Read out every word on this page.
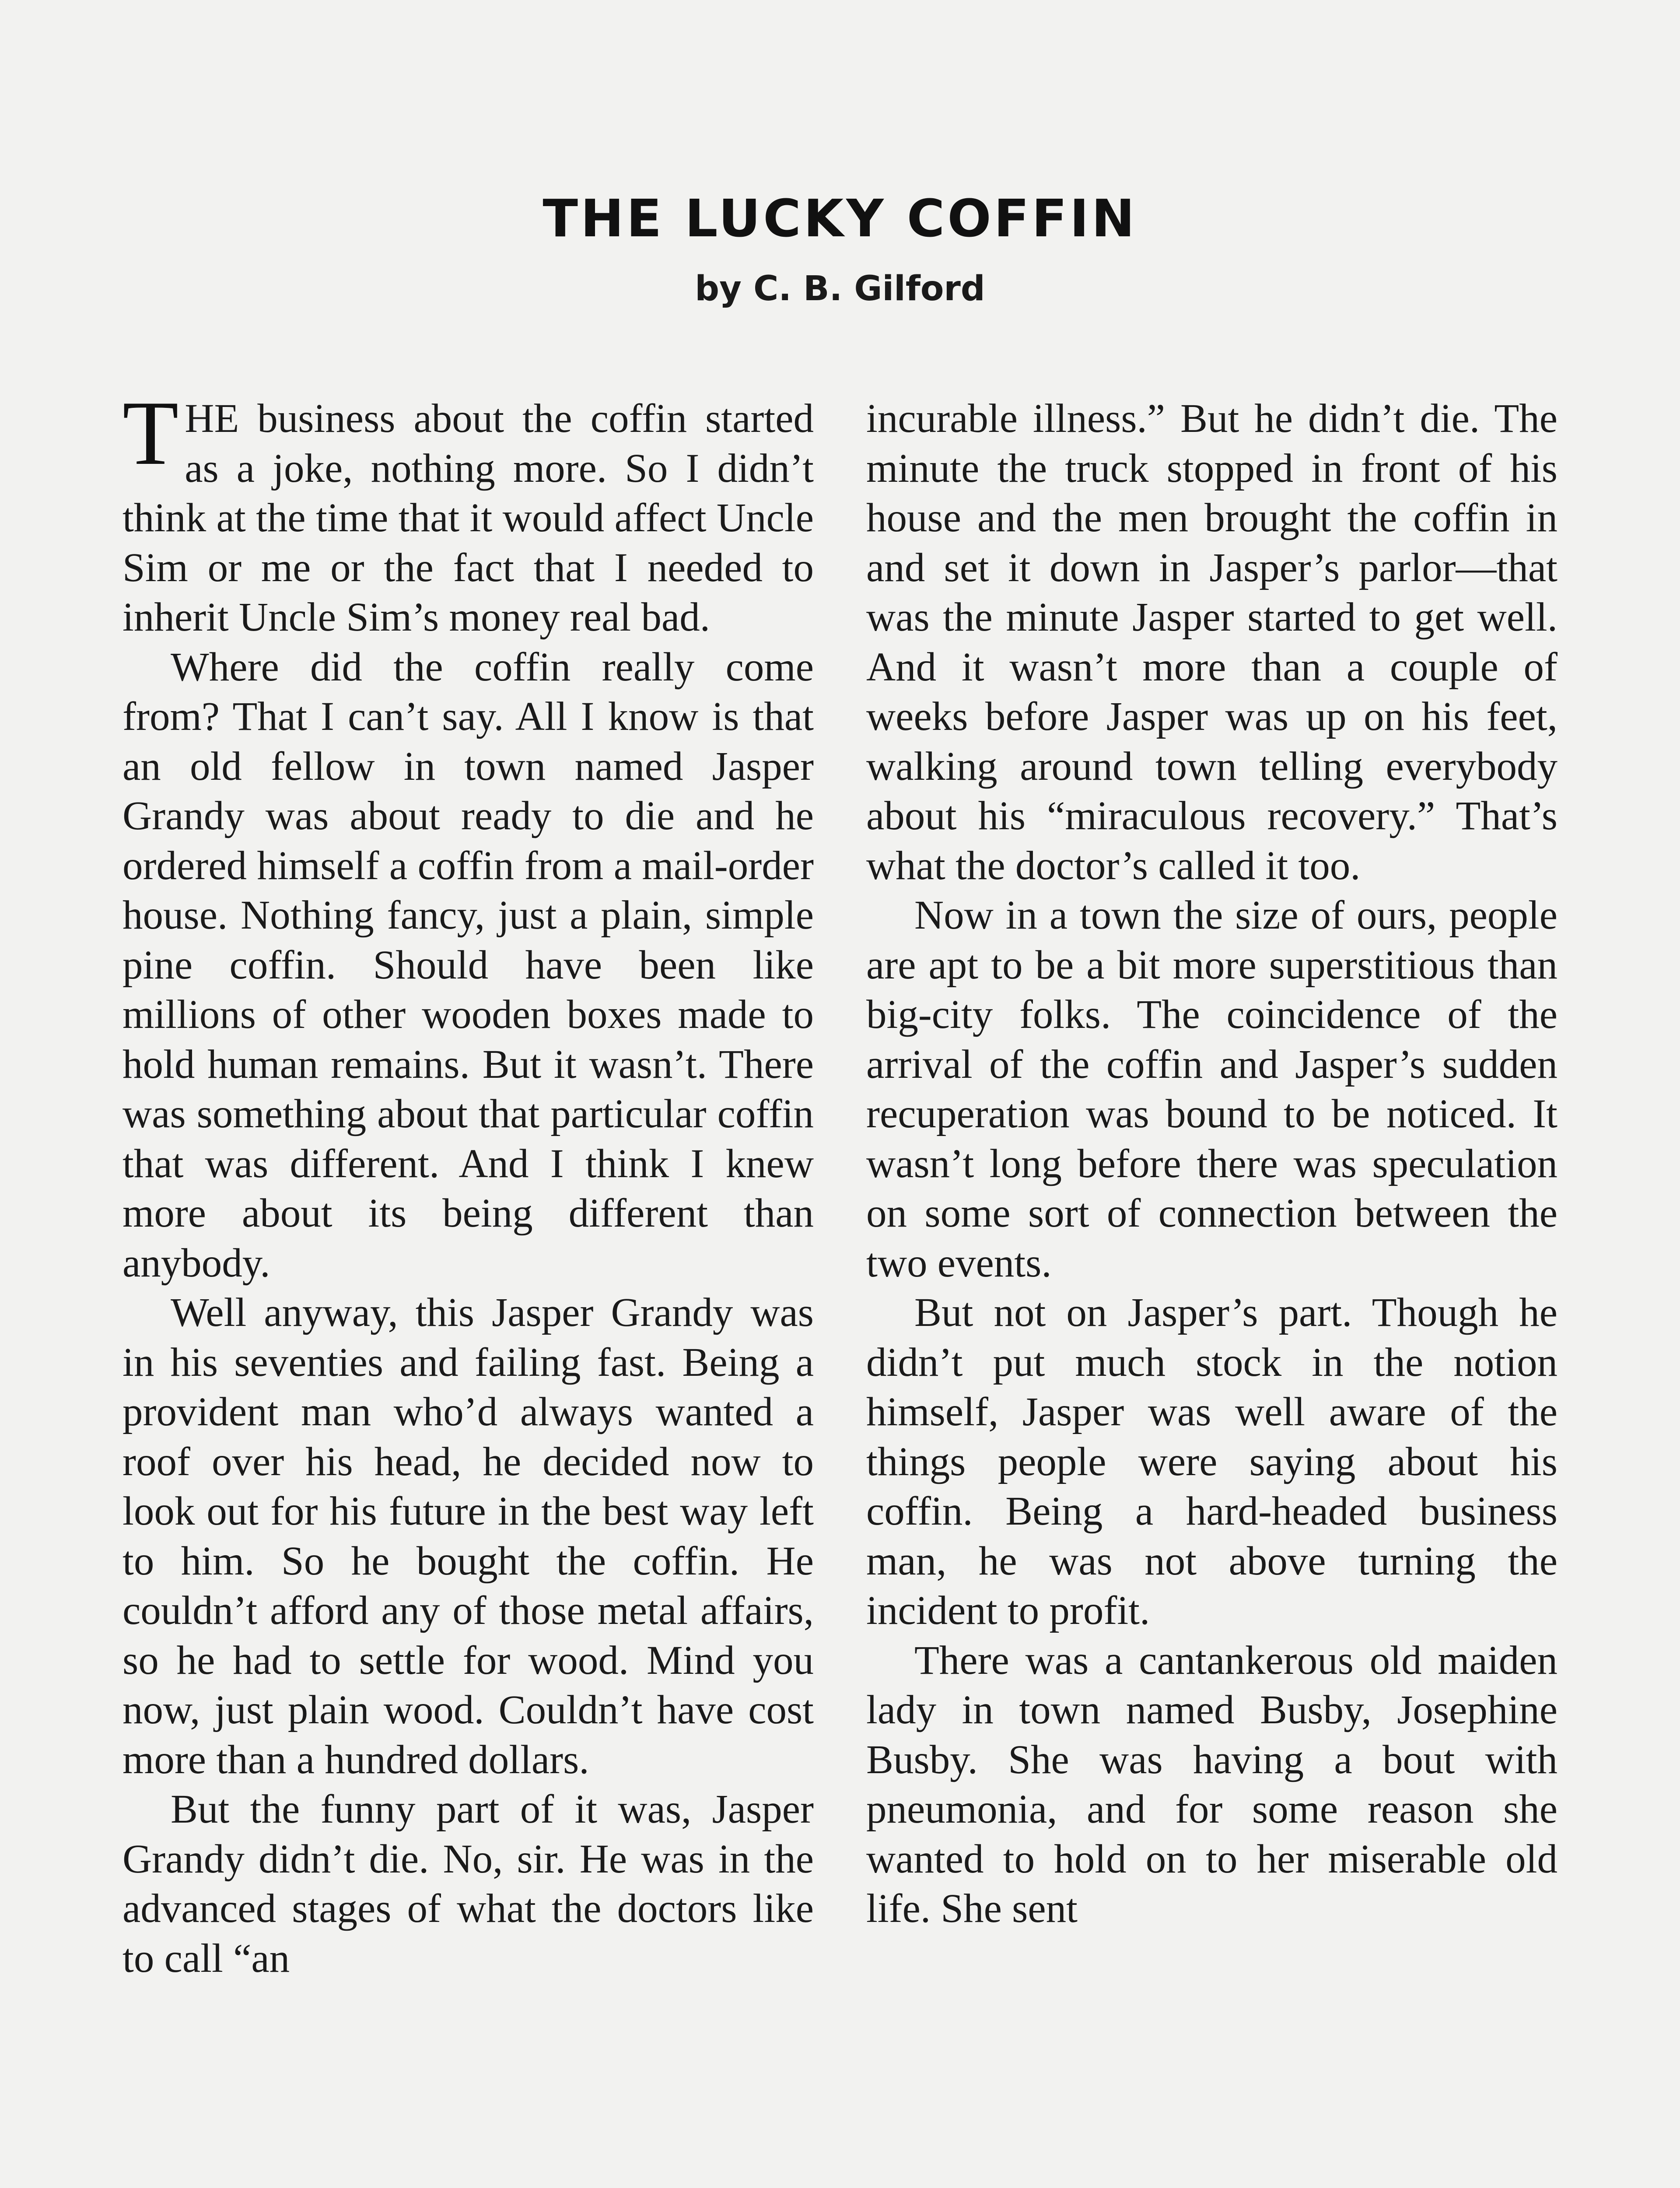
THE LUCKY COFFIN
by C. B. Gilford

THE business about the coffin started as a joke, nothing more. So I didn’t think at the time that it would affect Uncle Sim or me or the fact that I needed to inherit Uncle Sim’s money real bad.

Where did the coffin really come from? That I can’t say. All I know is that an old fellow in town named Jasper Grandy was about ready to die and he ordered himself a coffin from a mail-order house. Nothing fancy, just a plain, simple pine coffin. Should have been like millions of other wooden boxes made to hold human remains. But it wasn’t. There was something about that particular coffin that was different. And I think I knew more about its being different than anybody.

Well anyway, this Jasper Grandy was in his seventies and failing fast. Being a provident man who’d always wanted a roof over his head, he decided now to look out for his future in the best way left to him. So he bought the coffin. He couldn’t afford any of those metal affairs, so he had to settle for wood. Mind you now, just plain wood. Couldn’t have cost more than a hundred dollars.

But the funny part of it was, Jasper Grandy didn’t die. No, sir. He was in the advanced stages of what the doctors like to call “an

incurable illness.” But he didn’t die. The minute the truck stopped in front of his house and the men brought the coffin in and set it down in Jasper’s parlor—that was the minute Jasper started to get well. And it wasn’t more than a couple of weeks before Jasper was up on his feet, walking around town telling everybody about his “miraculous recovery.” That’s what the doctor’s called it too.

Now in a town the size of ours, people are apt to be a bit more superstitious than big-city folks. The coincidence of the arrival of the coffin and Jasper’s sudden recuperation was bound to be noticed. It wasn’t long before there was speculation on some sort of connection between the two events.

But not on Jasper’s part. Though he didn’t put much stock in the notion himself, Jasper was well aware of the things people were saying about his coffin. Being a hard-headed business man, he was not above turning the incident to profit.

There was a cantankerous old maiden lady in town named Busby, Josephine Busby. She was having a bout with pneumonia, and for some reason she wanted to hold on to her miserable old life. She sent
